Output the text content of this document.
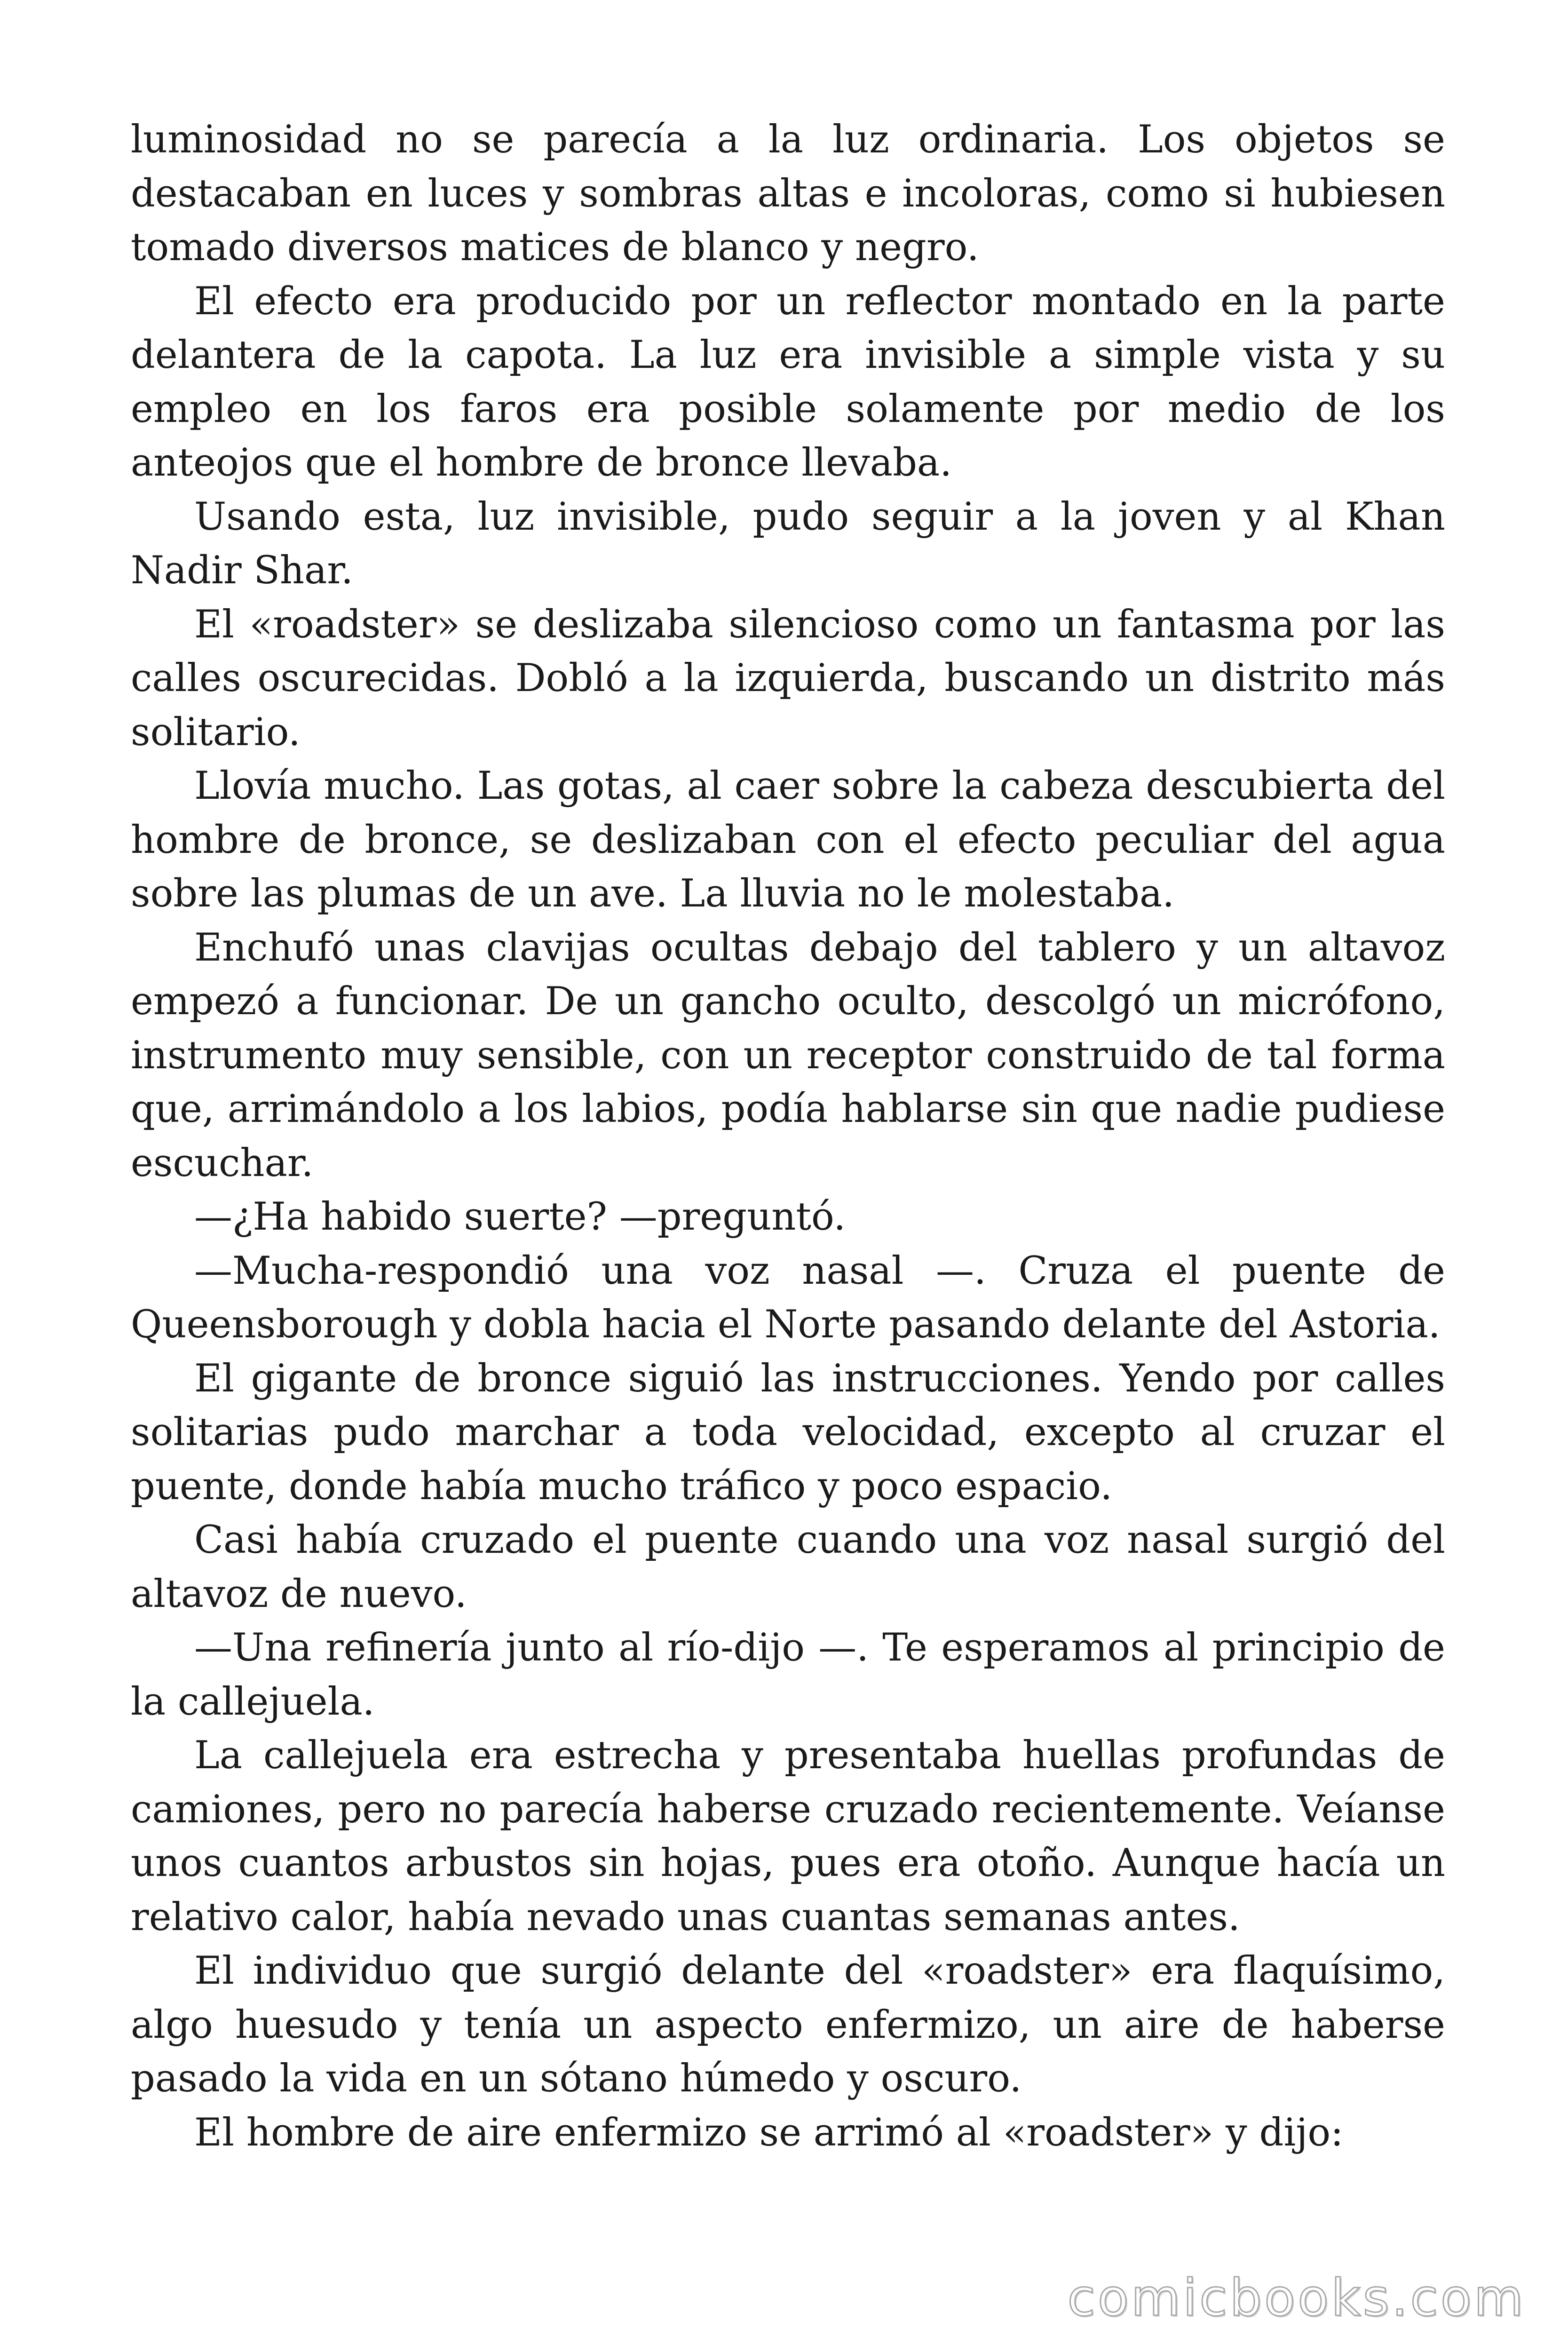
luminosidad no se parecía a la luz ordinaria. Los objetos se destacaban en luces y sombras altas e incoloras, como si hubiesen tomado diversos matices de blanco y negro.

El efecto era producido por un reflector montado en la parte delantera de la capota. La luz era invisible a simple vista y su empleo en los faros era posible solamente por medio de los anteojos que el hombre de bronce llevaba.

Usando esta, luz invisible, pudo seguir a la joven y al Khan Nadir Shar.

El «roadster» se deslizaba silencioso como un fantasma por las calles oscurecidas. Dobló a la izquierda, buscando un distrito más solitario.

Llovía mucho. Las gotas, al caer sobre la cabeza descubierta del hombre de bronce, se deslizaban con el efecto peculiar del agua sobre las plumas de un ave. La lluvia no le molestaba.

Enchufó unas clavijas ocultas debajo del tablero y un altavoz empezó a funcionar. De un gancho oculto, descolgó un micrófono, instrumento muy sensible, con un receptor construido de tal forma que, arrimándolo a los labios, podía hablarse sin que nadie pudiese escuchar.

—¿Ha habido suerte? —preguntó.

—Mucha-respondió una voz nasal —. Cruza el puente de Queensborough y dobla hacia el Norte pasando delante del Astoria.

El gigante de bronce siguió las instrucciones. Yendo por calles solitarias pudo marchar a toda velocidad, excepto al cruzar el puente, donde había mucho tráfico y poco espacio.

Casi había cruzado el puente cuando una voz nasal surgió del altavoz de nuevo.

—Una refinería junto al río-dijo —. Te esperamos al principio de la callejuela.

La callejuela era estrecha y presentaba huellas profundas de camiones, pero no parecía haberse cruzado recientemente. Veíanse unos cuantos arbustos sin hojas, pues era otoño. Aunque hacía un relativo calor, había nevado unas cuantas semanas antes.

El individuo que surgió delante del «roadster» era flaquísimo, algo huesudo y tenía un aspecto enfermizo, un aire de haberse pasado la vida en un sótano húmedo y oscuro.

El hombre de aire enfermizo se arrimó al «roadster» y dijo:

comicbooks.com
